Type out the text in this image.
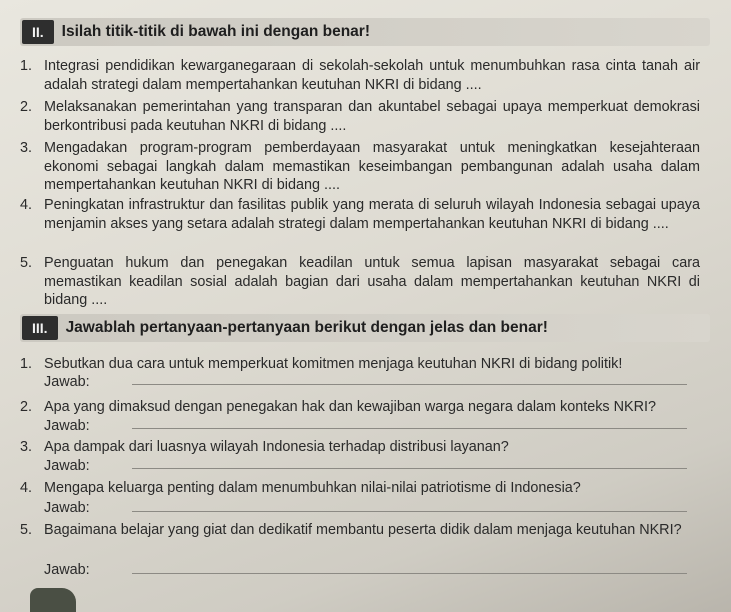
II.	Isilah titik-titik di bawah ini dengan benar!
1. Integrasi pendidikan kewarganegaraan di sekolah-sekolah untuk menumbuhkan rasa cinta tanah air adalah strategi dalam mempertahankan keutuhan NKRI di bidang ....
2. Melaksanakan pemerintahan yang transparan dan akuntabel sebagai upaya memperkuat demokrasi berkontribusi pada keutuhan NKRI di bidang ....
3. Mengadakan program-program pemberdayaan masyarakat untuk meningkatkan kesejahteraan ekonomi sebagai langkah dalam memastikan keseimbangan pembangunan adalah usaha dalam mempertahankan keutuhan NKRI di bidang ....
4. Peningkatan infrastruktur dan fasilitas publik yang merata di seluruh wilayah Indonesia sebagai upaya menjamin akses yang setara adalah strategi dalam mempertahankan keutuhan NKRI di bidang ....
5. Penguatan hukum dan penegakan keadilan untuk semua lapisan masyarakat sebagai cara memastikan keadilan sosial adalah bagian dari usaha dalam mempertahankan keutuhan NKRI di bidang ....
III.	Jawablah pertanyaan-pertanyaan berikut dengan jelas dan benar!
1. Sebutkan dua cara untuk memperkuat komitmen menjaga keutuhan NKRI di bidang politik!
Jawab:
2. Apa yang dimaksud dengan penegakan hak dan kewajiban warga negara dalam konteks NKRI?
Jawab:
3. Apa dampak dari luasnya wilayah Indonesia terhadap distribusi layanan?
Jawab:
4. Mengapa keluarga penting dalam menumbuhkan nilai-nilai patriotisme di Indonesia?
Jawab:
5. Bagaimana belajar yang giat dan dedikatif membantu peserta didik dalam menjaga keutuhan NKRI?
Jawab:
